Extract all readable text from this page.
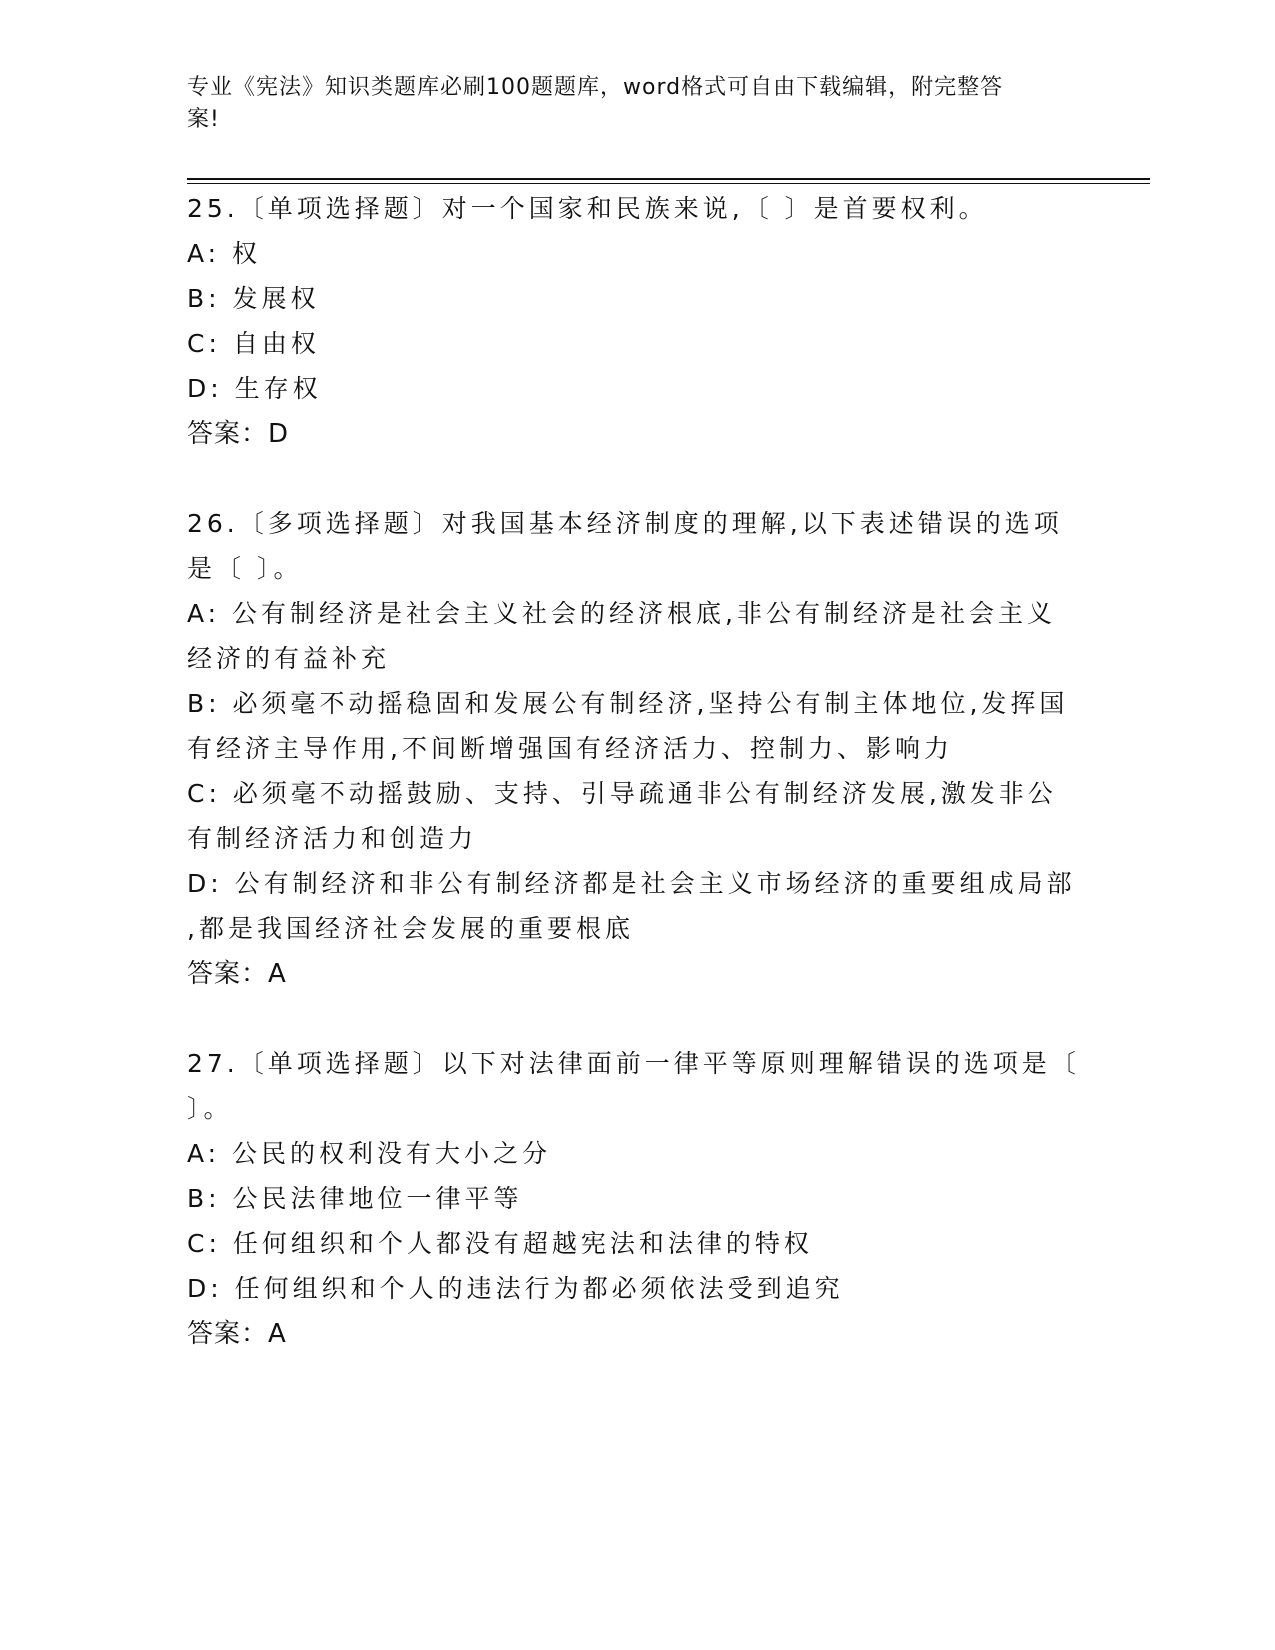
专业《宪法》知识类题库必刷100题题库，word格式可自由下载编辑，附完整答
案!
25.〔单项选择题〕对一个国家和民族来说,〔 〕是首要权利。
A: 权
B: 发展权
C: 自由权
D: 生存权
答案：D
26.〔多项选择题〕对我国基本经济制度的理解,以下表述错误的选项
是〔 〕。
A: 公有制经济是社会主义社会的经济根底,非公有制经济是社会主义
经济的有益补充
B: 必须毫不动摇稳固和发展公有制经济,坚持公有制主体地位,发挥国
有经济主导作用,不间断增强国有经济活力、控制力、影响力
C: 必须毫不动摇鼓励、支持、引导疏通非公有制经济发展,激发非公
有制经济活力和创造力
D: 公有制经济和非公有制经济都是社会主义市场经济的重要组成局部
,都是我国经济社会发展的重要根底
答案：A
27.〔单项选择题〕以下对法律面前一律平等原则理解错误的选项是〔
〕。
A: 公民的权利没有大小之分
B: 公民法律地位一律平等
C: 任何组织和个人都没有超越宪法和法律的特权
D: 任何组织和个人的违法行为都必须依法受到追究
答案：A
